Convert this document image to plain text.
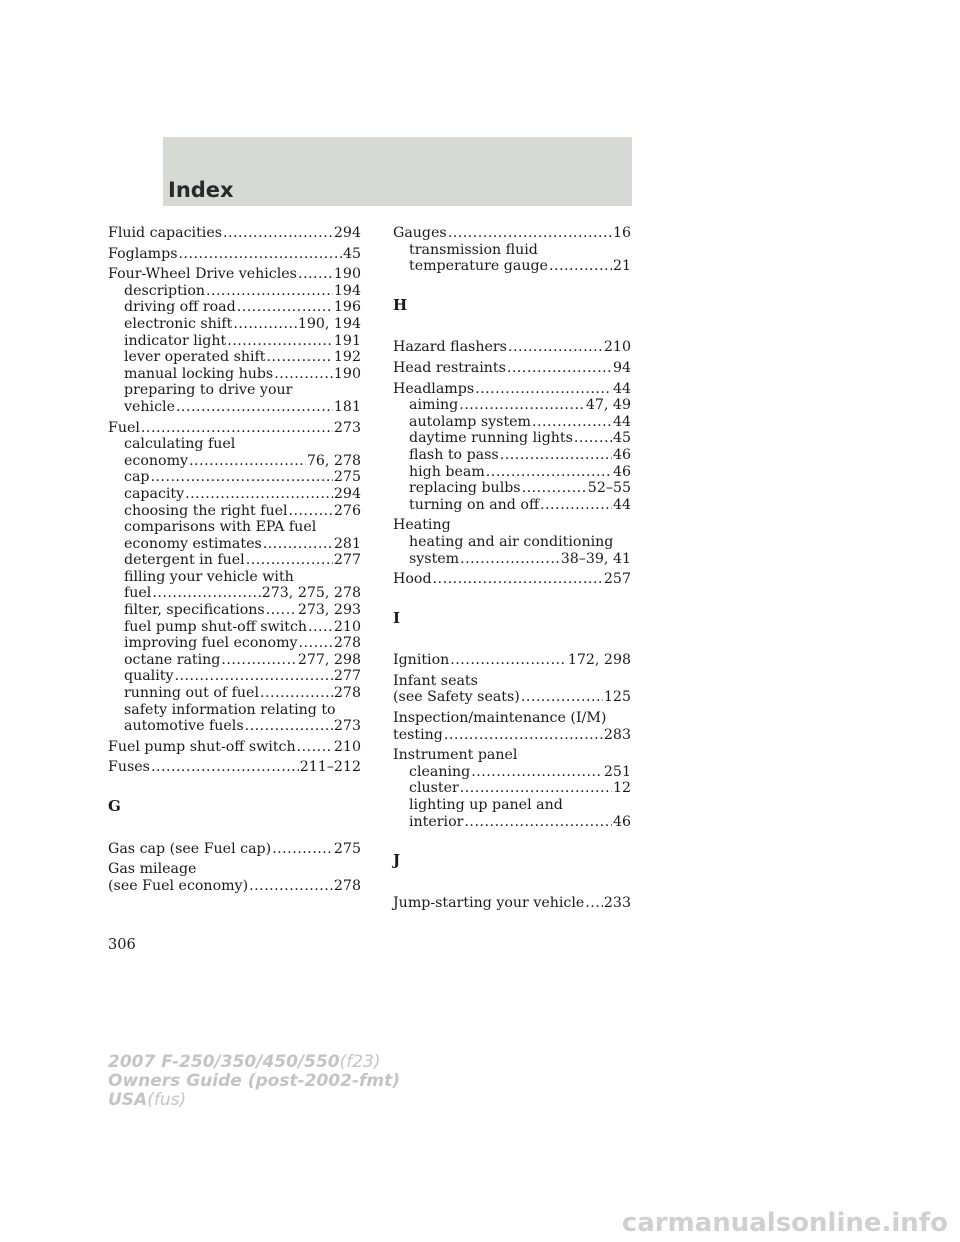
Index
Fluid capacities .....	294
Foglamps .....	45
Four-Wheel Drive vehicles .....	190
description .....	194
driving off road .....	196
electronic shift .....	190, 194
indicator light .....	191
lever operated shift .....	192
manual locking hubs .....	190
preparing to drive your
vehicle .....	181
Fuel .....	273
calculating fuel
economy .....	76, 278
cap .....	275
capacity .....	294
choosing the right fuel .....	276
comparisons with EPA fuel
economy estimates .....	281
detergent in fuel .....	277
filling your vehicle with
fuel .....	273, 275, 278
filter, specifications ..... 273, 293
fuel pump shut-off switch ..... 210
improving fuel economy .....	278
octane rating .....	277, 298
quality .....	277
running out of fuel .....	278
safety information relating to
automotive fuels .....	273
Fuel pump shut-off switch .....	210
Fuses .....	211–212
G
Gas cap (see Fuel cap) .....	275
Gas mileage
(see Fuel economy) .....	278
Gauges .....	16
transmission fluid
temperature gauge .....	21
H
Hazard flashers .....	210
Head restraints .....	94
Headlamps .....	44
aiming .....	47, 49
autolamp system .....	44
daytime running lights .....	45
flash to pass .....	46
high beam .....	46
replacing bulbs .....	52–55
turning on and off .....	44
Heating
heating and air conditioning
system .....	38–39, 41
Hood .....	257
I
Ignition .....	172, 298
Infant seats
(see Safety seats) .....	125
Inspection/maintenance (I/M)
testing .....	283
Instrument panel
cleaning .....	251
cluster .....	12
lighting up panel and
interior .....	46
J
Jump-starting your vehicle ..... 233
306
2007 F-250/350/450/550(f23)
Owners Guide (post-2002-fmt)
USA(fus)
carmanualsonline.info
